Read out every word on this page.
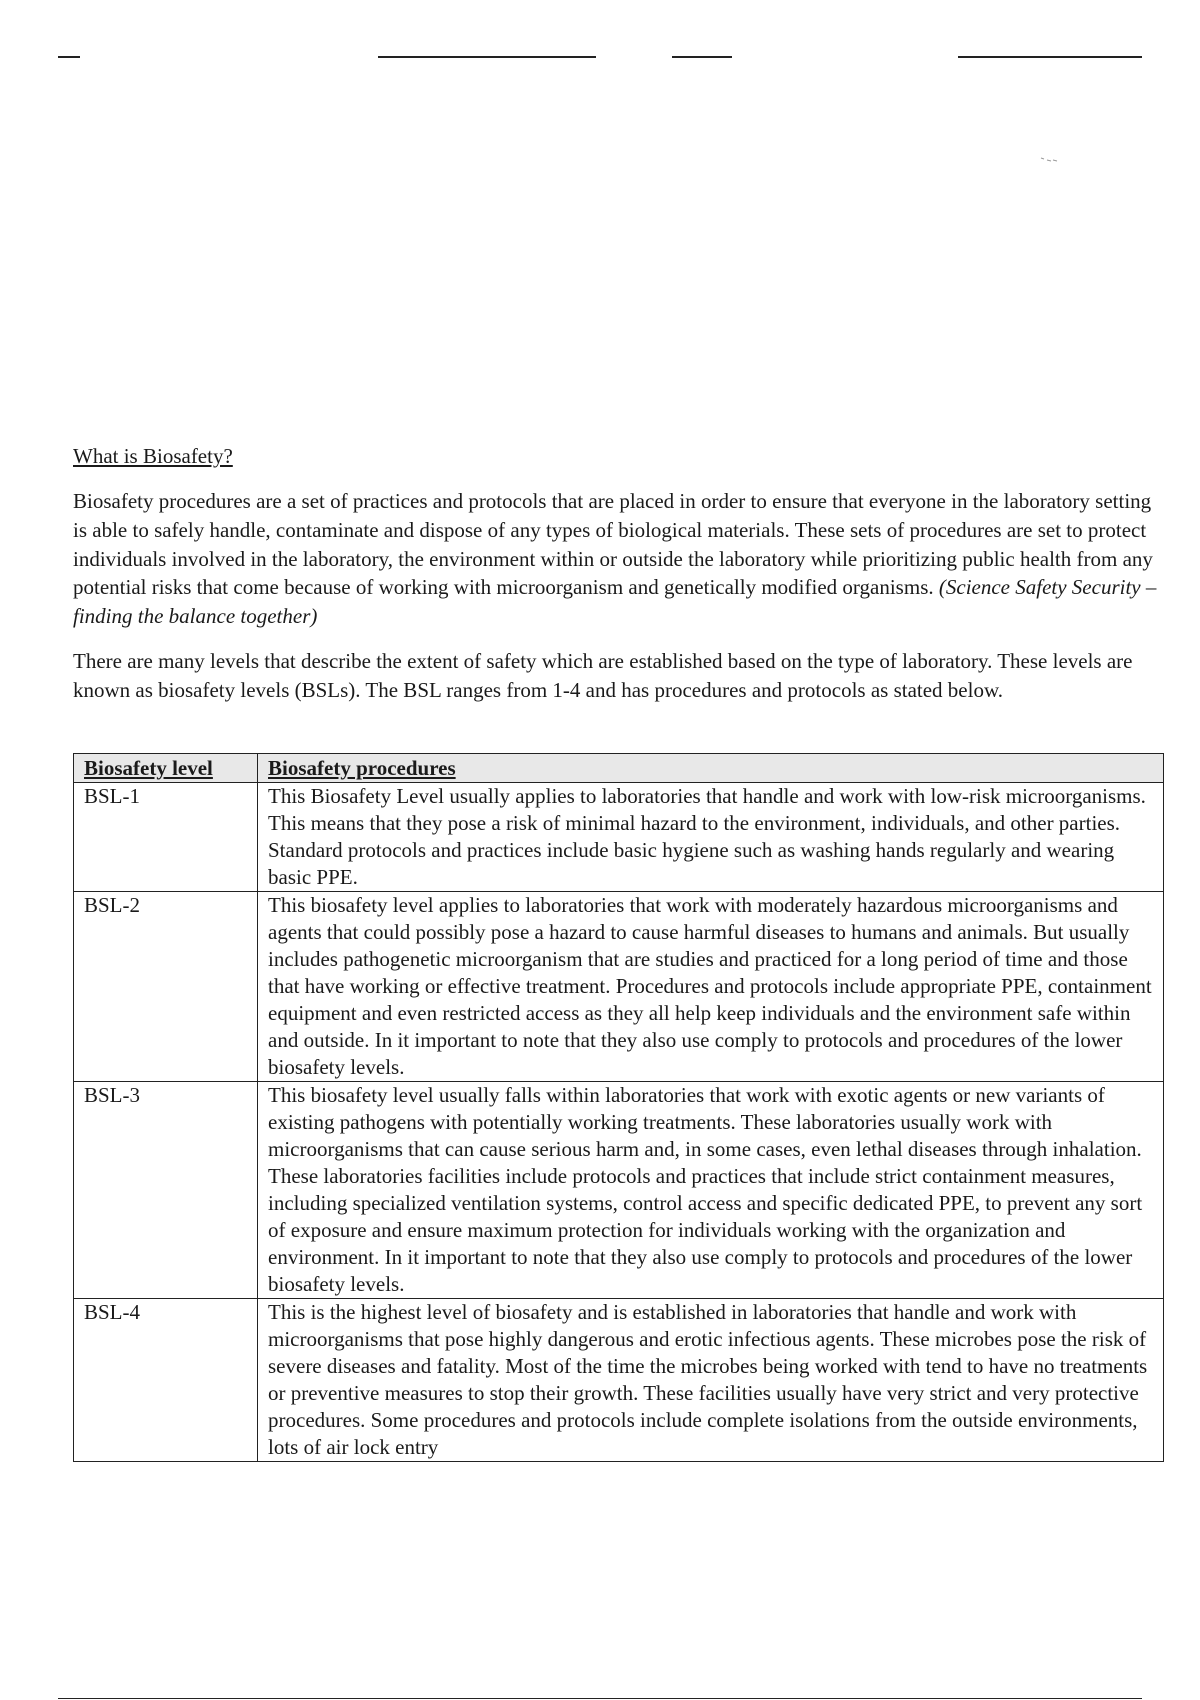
What is Biosafety?

Biosafety procedures are a set of practices and protocols that are placed in order to ensure that everyone in the laboratory setting is able to safely handle, contaminate and dispose of any types of biological materials. These sets of procedures are set to protect individuals involved in the laboratory, the environment within or outside the laboratory while prioritizing public health from any potential risks that come because of working with microorganism and genetically modified organisms. (Science Safety Security – finding the balance together)

There are many levels that describe the extent of safety which are established based on the type of laboratory. These levels are known as biosafety levels (BSLs). The BSL ranges from 1-4 and has procedures and protocols as stated below.

Biosafety level	Biosafety procedures
BSL-1	This Biosafety Level usually applies to laboratories that handle and work with low-risk microorganisms. This means that they pose a risk of minimal hazard to the environment, individuals, and other parties. Standard protocols and practices include basic hygiene such as washing hands regularly and wearing basic PPE.
BSL-2	This biosafety level applies to laboratories that work with moderately hazardous microorganisms and agents that could possibly pose a hazard to cause harmful diseases to humans and animals. But usually includes pathogenetic microorganism that are studies and practiced for a long period of time and those that have working or effective treatment. Procedures and protocols include appropriate PPE, containment equipment and even restricted access as they all help keep individuals and the environment safe within and outside. In it important to note that they also use comply to protocols and procedures of the lower biosafety levels.
BSL-3	This biosafety level usually falls within laboratories that work with exotic agents or new variants of existing pathogens with potentially working treatments. These laboratories usually work with microorganisms that can cause serious harm and, in some cases, even lethal diseases through inhalation. These laboratories facilities include protocols and practices that include strict containment measures, including specialized ventilation systems, control access and specific dedicated PPE, to prevent any sort of exposure and ensure maximum protection for individuals working with the organization and environment. In it important to note that they also use comply to protocols and procedures of the lower biosafety levels.
BSL-4	This is the highest level of biosafety and is established in laboratories that handle and work with microorganisms that pose highly dangerous and erotic infectious agents. These microbes pose the risk of severe diseases and fatality. Most of the time the microbes being worked with tend to have no treatments or preventive measures to stop their growth. These facilities usually have very strict and very protective procedures. Some procedures and protocols include complete isolations from the outside environments, lots of air lock entry
